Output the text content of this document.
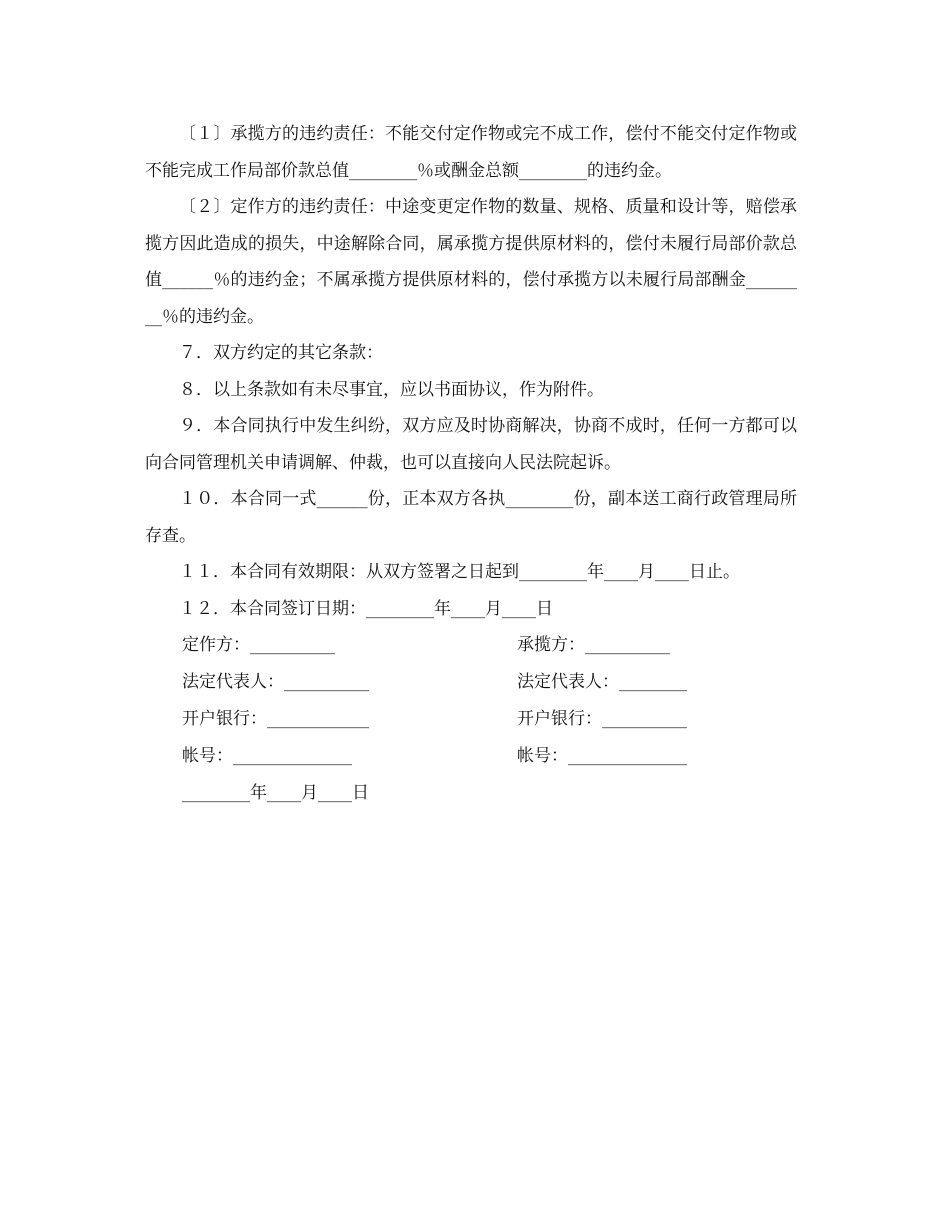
〔１〕承揽方的违约责任：不能交付定作物或完不成工作，偿付不能交付定作物或不能完成工作局部价款总值________％或酬金总额________的违约金。

〔２〕定作方的违约责任：中途变更定作物的数量、规格、质量和设计等，赔偿承揽方因此造成的损失，中途解除合同，属承揽方提供原材料的，偿付未履行局部价款总值______％的违约金；不属承揽方提供原材料的，偿付承揽方以未履行局部酬金________％的违约金。

７．双方约定的其它条款：

８．以上条款如有未尽事宜，应以书面协议，作为附件。

９．本合同执行中发生纠纷，双方应及时协商解决，协商不成时，任何一方都可以向合同管理机关申请调解、仲裁，也可以直接向人民法院起诉。

１０．本合同一式______份，正本双方各执________份，副本送工商行政管理局所存查。

１１．本合同有效期限：从双方签署之日起到________年____月____日止。

１２．本合同签订日期：________年____月____日

定作方：__________	承揽方：__________
法定代表人：__________	法定代表人：________
开户银行：____________	开户银行：__________
帐号：______________	帐号：______________
________年____月____日
